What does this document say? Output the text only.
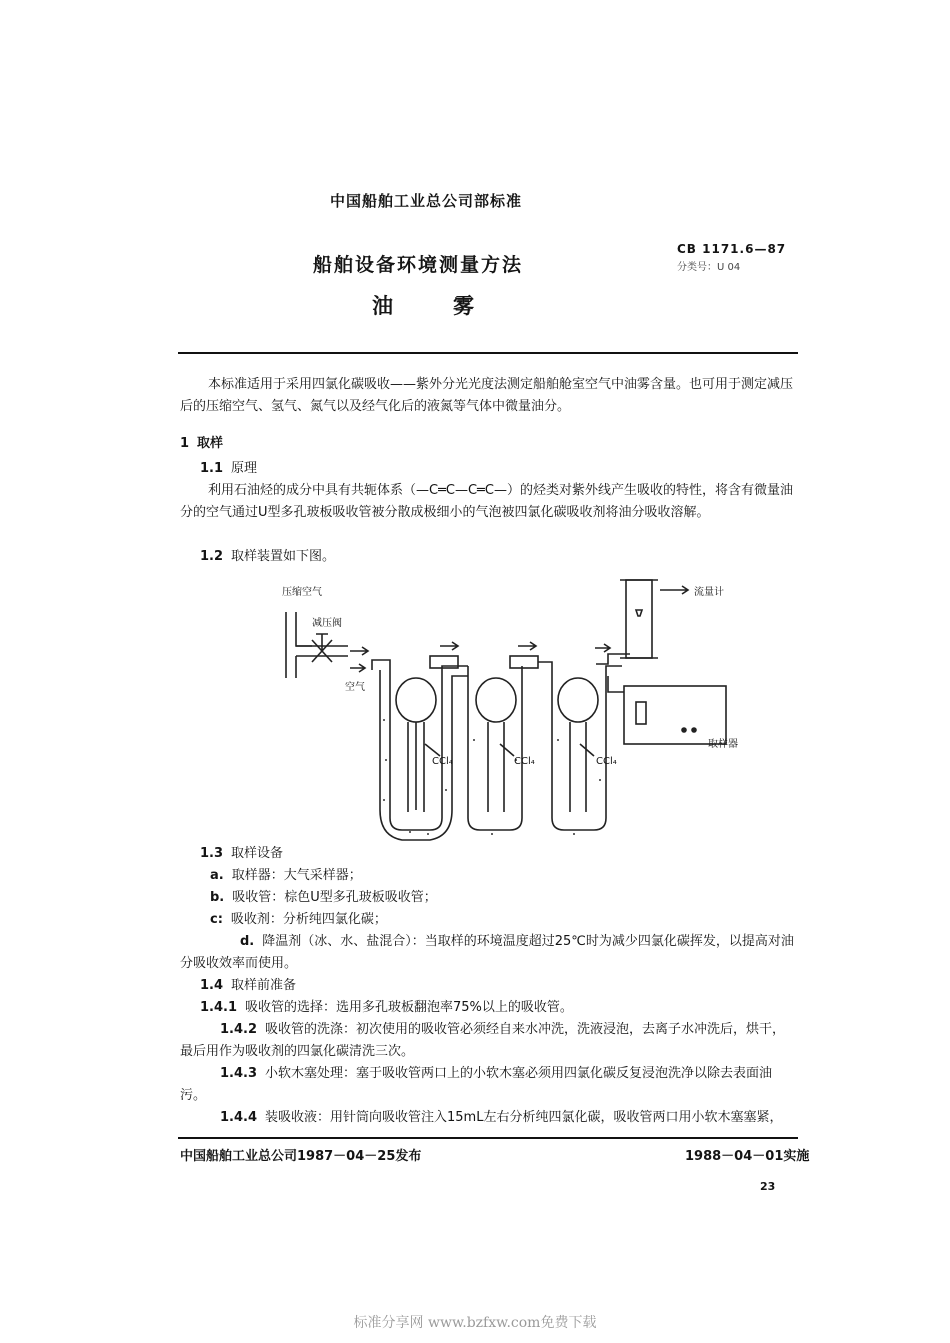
中国船舶工业总公司部标准
船舶设备环境测量方法
油雾
CB 1171.6—87
分类号：U 04
本标准适用于采用四氯化碳吸收——紫外分光光度法测定船舶舱室空气中油雾含量。也可用于测定减压后的压缩空气、氢气、氮气以及经气化后的液氮等气体中微量油分。
1 取样
1.1 原理
利用石油烃的成分中具有共轭体系（—C═C—C═C—）的烃类对紫外线产生吸收的特性，将含有微量油分的空气通过U型多孔玻板吸收管被分散成极细小的气泡被四氯化碳吸收剂将油分吸收溶解。
1.2 取样装置如下图。
压缩空气
减压阀
空气
CCl₄	CCl₄	CCl₄
流量计
取样器
1.3 取样设备
a. 取样器：大气采样器；
b. 吸收管：棕色U型多孔玻板吸收管；
c: 吸收剂：分析纯四氯化碳；
d. 降温剂（冰、水、盐混合）：当取样的环境温度超过25℃时为减少四氯化碳挥发，以提高对油分吸收效率而使用。
1.4 取样前准备
1.4.1 吸收管的选择：选用多孔玻板翻泡率75%以上的吸收管。
1.4.2 吸收管的洗涤：初次使用的吸收管必须经自来水冲洗，洗液浸泡，去离子水冲洗后，烘干，最后用作为吸收剂的四氯化碳清洗三次。
1.4.3 小软木塞处理：塞于吸收管两口上的小软木塞必须用四氯化碳反复浸泡洗净以除去表面油污。
1.4.4 装吸收液：用针筒向吸收管注入15mL左右分析纯四氯化碳，吸收管两口用小软木塞塞紧，
中国船舶工业总公司1987－04－25发布	1988－04－01实施
23
标准分享网 www.bzfxw.com免费下载
